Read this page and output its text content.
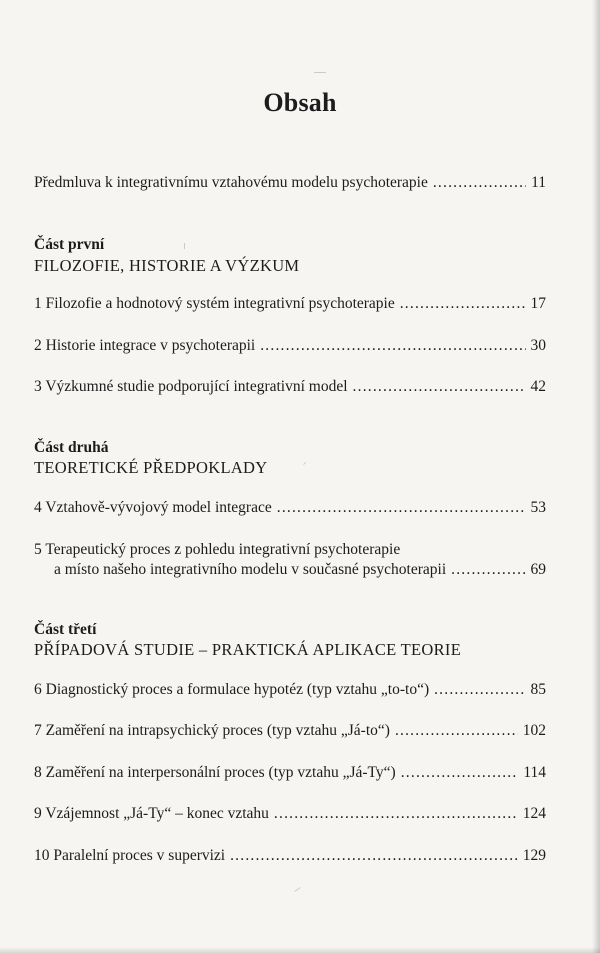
Obsah
Předmluva k integrativnímu vztahovému modelu psychoterapie .....	11
Část první
FILOZOFIE, HISTORIE A VÝZKUM
1 Filozofie a hodnotový systém integrativní psychoterapie .....	17
2 Historie integrace v psychoterapii .....	30
3 Výzkumné studie podporující integrativní model .....	42
Část druhá
TEORETICKÉ PŘEDPOKLADY
4 Vztahově-vývojový model integrace .....	53
5 Terapeutický proces z pohledu integrativní psychoterapie
a místo našeho integrativního modelu v současné psychoterapii .....	69
Část třetí
PŘÍPADOVÁ STUDIE – PRAKTICKÁ APLIKACE TEORIE
6 Diagnostický proces a formulace hypotéz (typ vztahu „to-to“) .....	85
7 Zaměření na intrapsychický proces (typ vztahu „Já-to“) .....	102
8 Zaměření na interpersonální proces (typ vztahu „Já-Ty“) .....	114
9 Vzájemnost „Já-Ty“ – konec vztahu .....	124
10 Paralelní proces v supervizi .....	129
